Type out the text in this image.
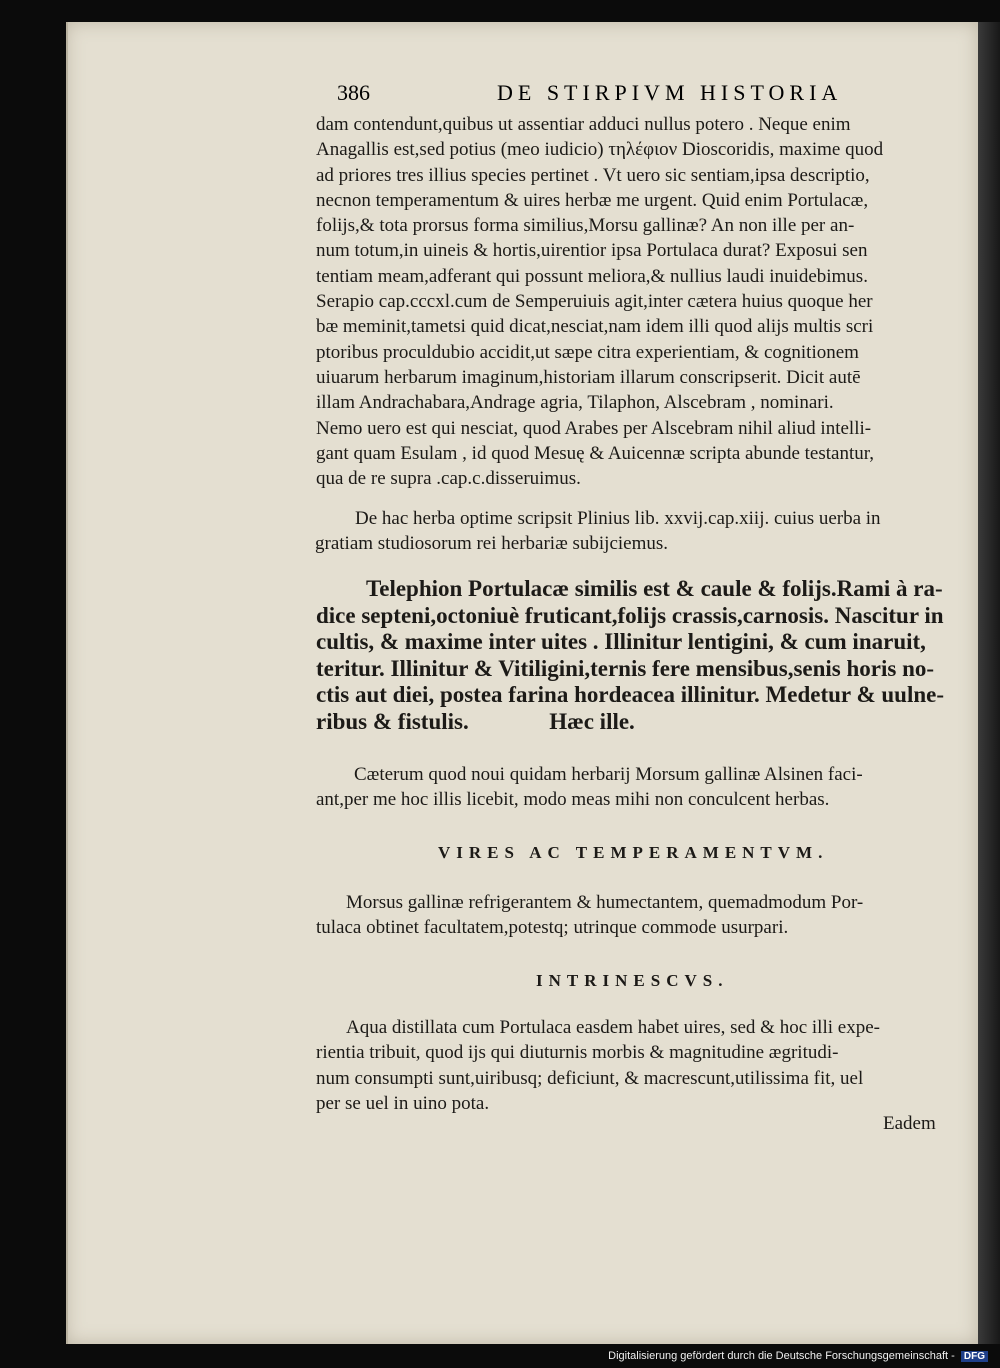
386	DE STIRPIVM HISTORIA
dam contendunt,quibus ut assentiar adduci nullus potero . Neque enim
Anagallis est,sed potius (meo iudicio) τηλέφιον Dioscoridis, maxime quod
ad priores tres illius species pertinet . Vt uero sic sentiam,ipsa descriptio,
necnon temperamentum & uires herbæ me urgent. Quid enim Portulacæ,
folijs,& tota prorsus forma similius,Morsu gallinæ? An non ille per an-
num totum,in uineis & hortis,uirentior ipsa Portulaca durat? Exposui sen
tentiam meam,adferant qui possunt meliora,& nullius laudi inuidebimus.
Serapio cap.cccxl.cum de Semperuiuis agit,inter cætera huius quoque her
bæ meminit,tametsi quid dicat,nesciat,nam idem illi quod alijs multis scri
ptoribus proculdubio accidit,ut sæpe citra experientiam, & cognitionem
uiuarum herbarum imaginum,historiam illarum conscripserit. Dicit autē
illam Andrachabara,Andrage agria, Tilaphon, Alscebram , nominari.
Nemo uero est qui nesciat, quod Arabes per Alscebram nihil aliud intelli-
gant quam Esulam , id quod Mesuę & Auicennæ scripta abunde testantur,
qua de re supra .cap.c.disseruimus.
De hac herba optime scripsit Plinius lib. xxvij.cap.xiij. cuius uerba in
gratiam studiosorum rei herbariæ subijciemus.
Telephion Portulacæ similis est & caule & folijs.Rami à ra-
dice septeni,octoniuè fruticant,folijs crassis,carnosis. Nascitur in
cultis, & maxime inter uites . Illinitur lentigini, & cum inaruit,
teritur. Illinitur & Vitiligini,ternis fere mensibus,senis horis no-
ctis aut diei, postea farina hordeacea illinitur. Medetur & uulne-
ribus & fistulis.              Hæc ille.
Cæterum quod noui quidam herbarij Morsum gallinæ Alsinen faci-
ant,per me hoc illis licebit, modo meas mihi non conculcent herbas.
VIRES AC TEMPERAMENTVM.
Morsus gallinæ refrigerantem & humectantem, quemadmodum Por-
tulaca obtinet facultatem,potestq; utrinque commode usurpari.
INTRINESCVS.
Aqua distillata cum Portulaca easdem habet uires, sed & hoc illi expe-
rientia tribuit, quod ijs qui diuturnis morbis & magnitudine ægritudi-
num consumpti sunt,uiribusq; deficiunt, & macrescunt,utilissima fit, uel
per se uel in uino pota.
Eadem
Digitalisierung gefördert durch die Deutsche Forschungsgemeinschaft - DFG
